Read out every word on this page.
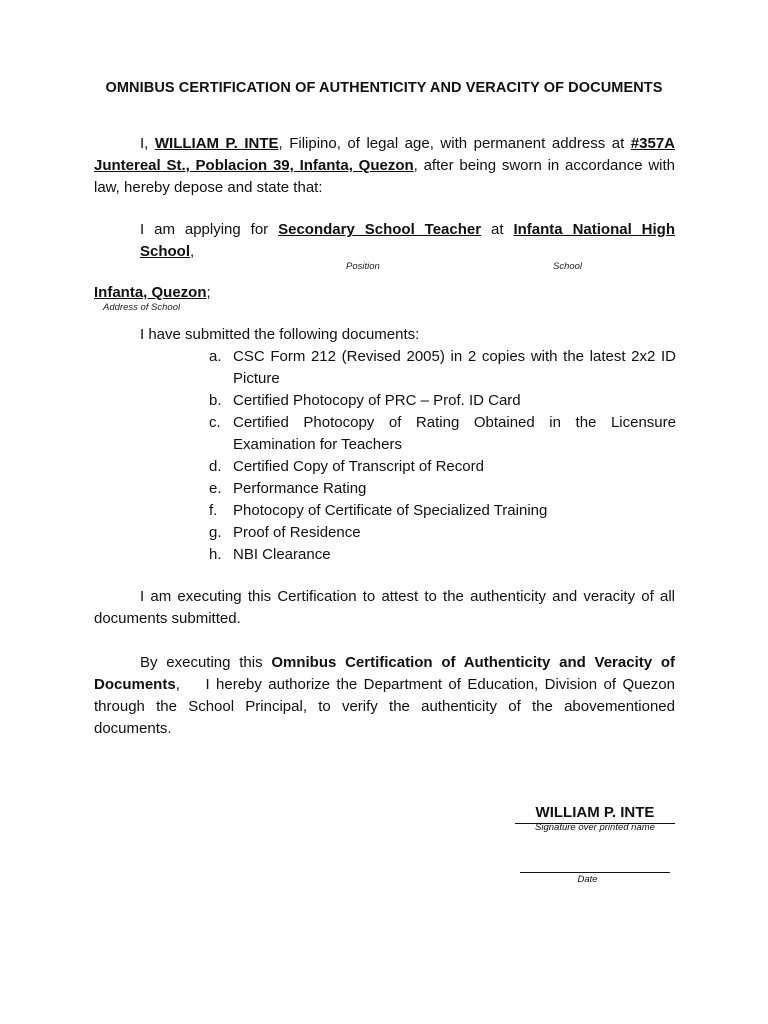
OMNIBUS CERTIFICATION OF AUTHENTICITY AND VERACITY OF DOCUMENTS
I, WILLIAM P. INTE, Filipino, of legal age, with permanent address at #357A Juntereal St., Poblacion 39, Infanta, Quezon, after being sworn in accordance with law, hereby depose and state that:
I am applying for Secondary School Teacher at Infanta National High School,
Position	School
Infanta, Quezon;
Address of School
I have submitted the following documents:
a. CSC Form 212 (Revised 2005) in 2 copies with the latest 2x2 ID Picture
b. Certified Photocopy of PRC – Prof. ID Card
c. Certified Photocopy of Rating Obtained in the Licensure Examination for Teachers
d. Certified Copy of Transcript of Record
e. Performance Rating
f. Photocopy of Certificate of Specialized Training
g. Proof of Residence
h. NBI Clearance
I am executing this Certification to attest to the authenticity and veracity of all documents submitted.
By executing this Omnibus Certification of Authenticity and Veracity of Documents,    I hereby authorize the Department of Education, Division of Quezon through the School Principal, to verify the authenticity of the abovementioned documents.
WILLIAM P. INTE
Signature over printed name
Date
